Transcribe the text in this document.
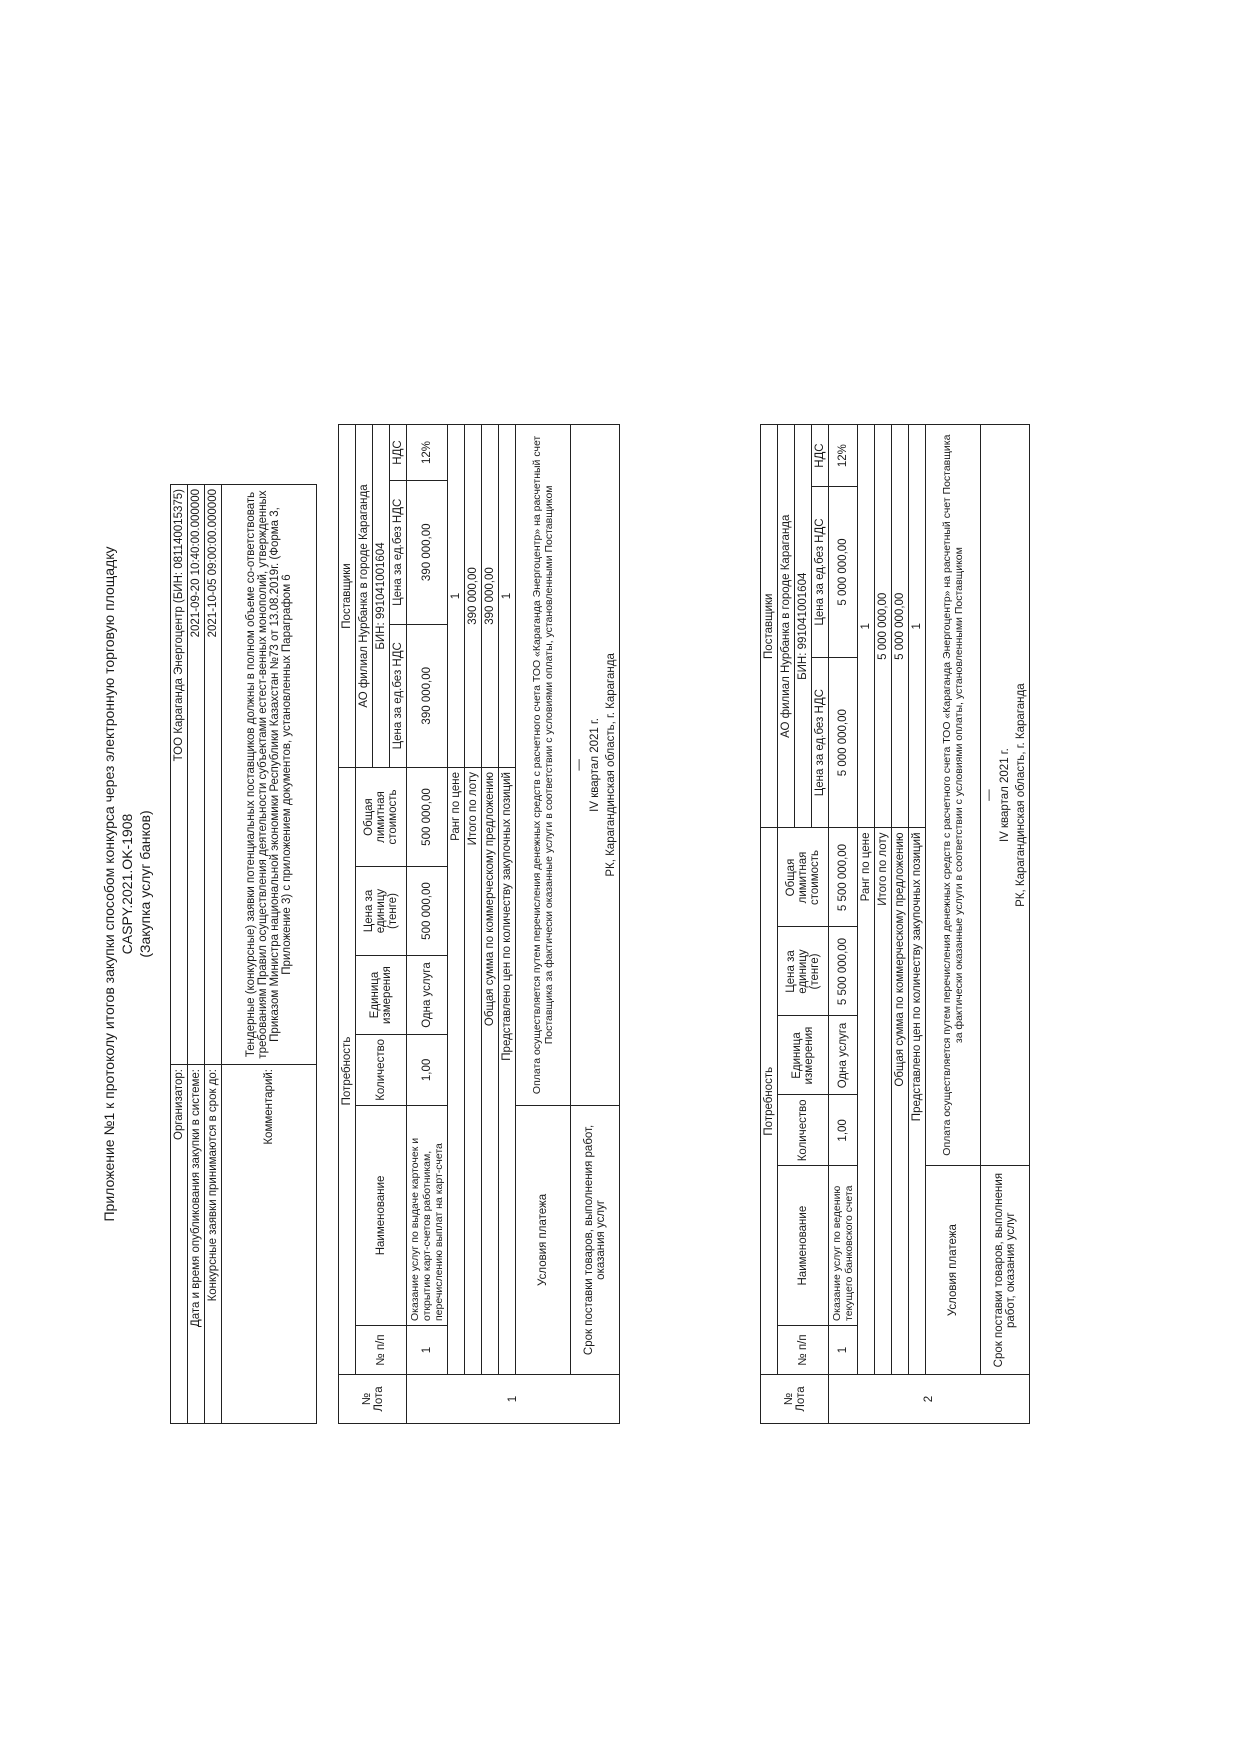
Приложение №1 к протоколу итогов закупки способом конкурса через электронную торговую площадку CASPY.2021.OK-1908 (Закупка услуг банков)
Организатор:	ТОО Караганда Энергоцентр (БИН: 081140015375)
Дата и время опубликования закупки в системе:	2021-09-20 10:40:00.000000
Конкурсные заявки принимаются в срок до:	2021-10-05 09:00:00.000000
Комментарий:	Тендерные (конкурсные) заявки потенциальных поставщиков должны в полном объеме со-ответствовать требованиям Правил осуществления деятельности субъектами естест-венных монополий, утвержденных Приказом Министра национальной экономики Республики Казахстан №73 от 13.08.2019г. (Форма 3, Приложение 3) с приложением документов, установленных Параграфом 6
№ Лота	Потребность						Поставщики		
	№ п/п	Наименование	Количество	Единица измерения	Цена за единицу (тенге)	Общая лимитная стоимость	АО филиал Нурбанка в городе Караганда		
							БИН: 991041001604		
							Цена за ед.без НДС	Цена за ед.без НДС	НДС
1	1	Оказание услуг по выдаче карточек и открытию карт-счетов работникам, перечислению выплат на карт-счета	1,00	Одна услуга	500 000,00	500 000,00	390 000,00	390 000,00	12%
	Ранг по цене						1		
	Итого по лоту						390 000,00		
	Общая сумма по коммерческому предложению						390 000,00		
	Представлено цен по количеству закупочных позиций						1		
	Условия платежа		Оплата осуществляется путем перечисления денежных средств с расчетного счета ТОО «Караганда Энергоцентр» на расчетный счет Поставщика за фактически оказанные услуги в соответствии с условиями оплаты, установленными Поставщиком						
	Срок поставки товаров, выполнения работ, оказания услуг		—						
			IV квартал 2021 г.						
			РК, Карагандинская область, г. Караганда						
№ Лота	Потребность						Поставщики		
	№ п/п	Наименование	Количество	Единица измерения	Цена за единицу (тенге)	Общая лимитная стоимость	АО филиал Нурбанка в городе Караганда		
							БИН: 991041001604		
							Цена за ед.без НДС	Цена за ед.без НДС	НДС
2	1	Оказание услуг по ведению текущего банковского счета	1,00	Одна услуга	5 500 000,00	5 500 000,00	5 000 000,00	5 000 000,00	12%
	Ранг по цене						1		
	Итого по лоту						5 000 000,00		
	Общая сумма по коммерческому предложению						5 000 000,00		
	Представлено цен по количеству закупочных позиций						1		
	Условия платежа		Оплата осуществляется путем перечисления денежных средств с расчетного счета ТОО «Караганда Энергоцентр» на расчетный счет Поставщика за фактически оказанные услуги в соответствии с условиями оплаты, установленными Поставщиком						
	Срок поставки товаров, выполнения работ, оказания услуг		—						
			IV квартал 2021 г.						
			РК, Карагандинская область, г. Караганда						
